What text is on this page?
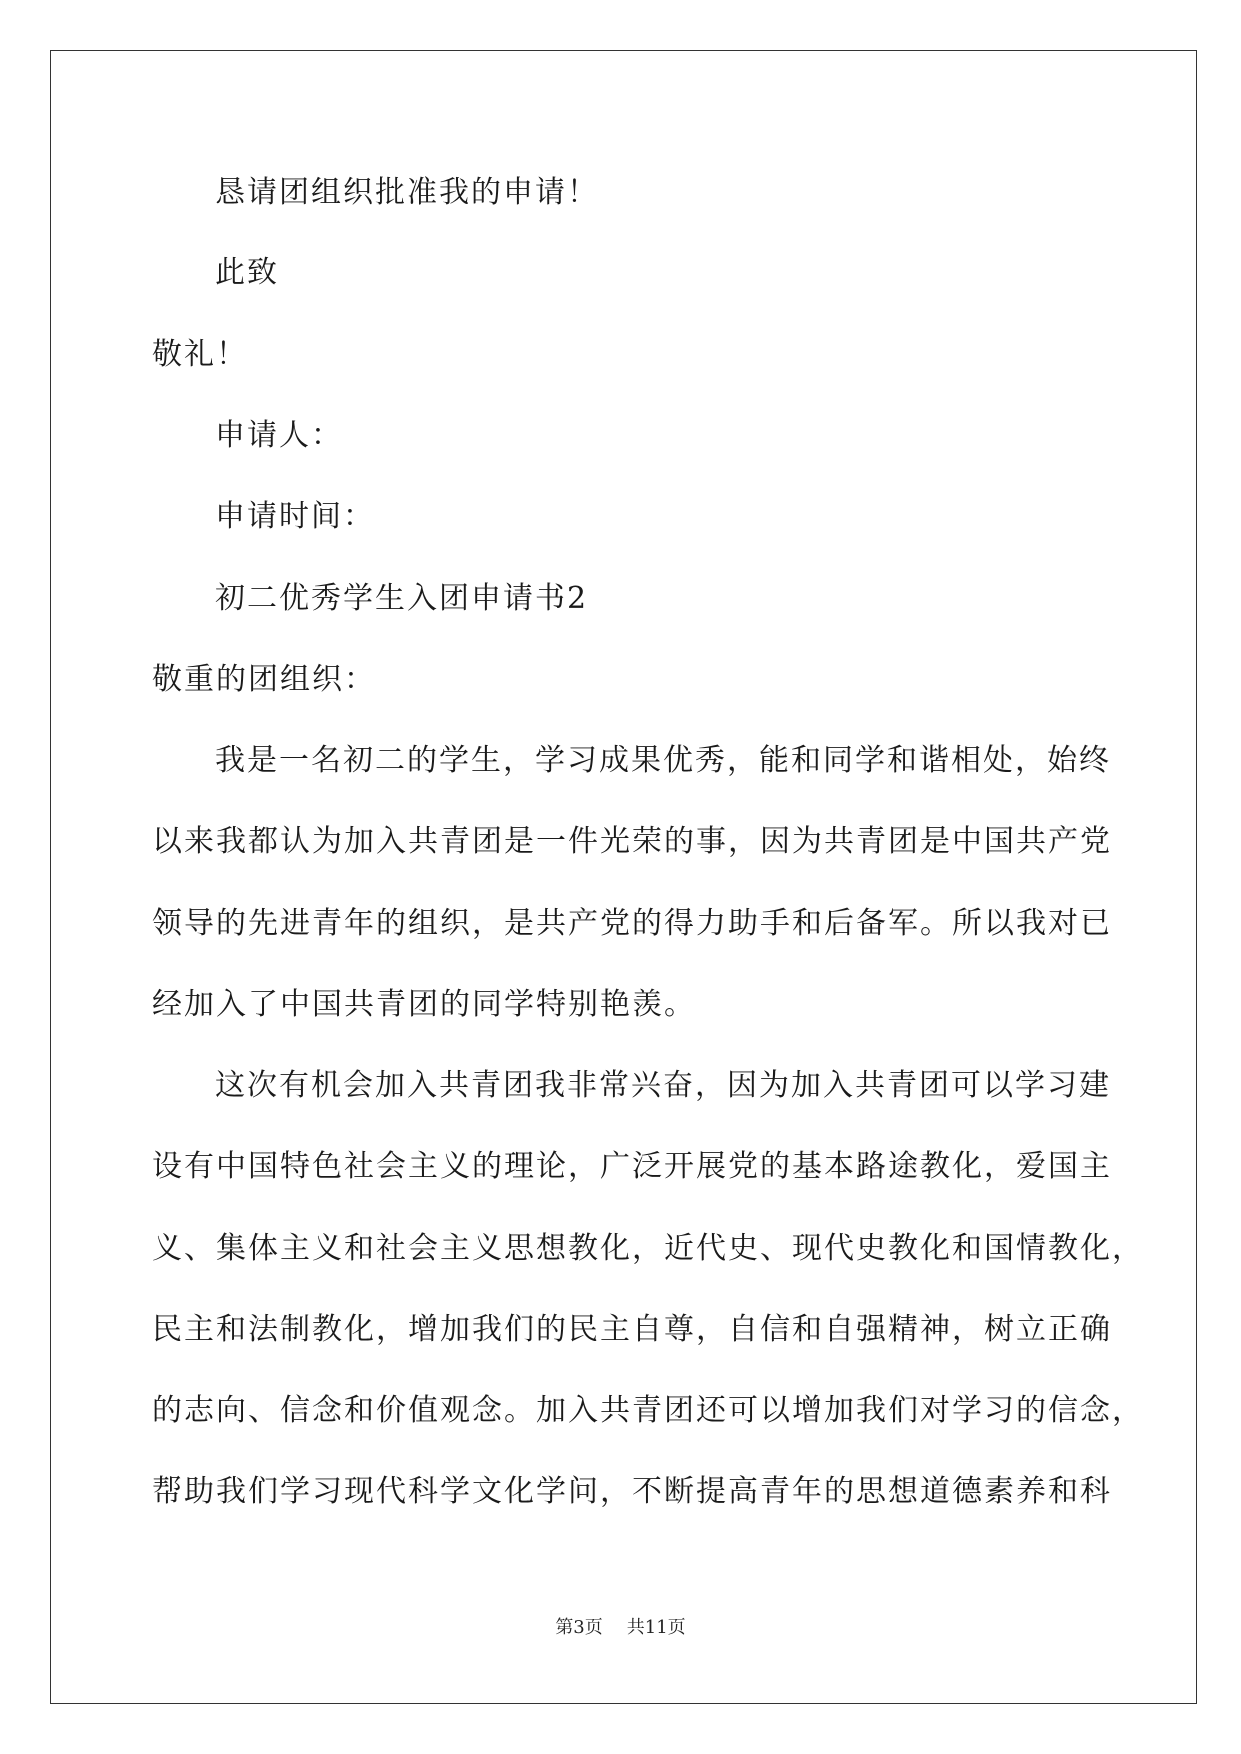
恳请团组织批准我的申请！
此致
敬礼！
申请人：
申请时间：
初二优秀学生入团申请书2
敬重的团组织：
我是一名初二的学生，学习成果优秀，能和同学和谐相处，始终
以来我都认为加入共青团是一件光荣的事，因为共青团是中国共产党
领导的先进青年的组织，是共产党的得力助手和后备军。所以我对已
经加入了中国共青团的同学特别艳羡。
这次有机会加入共青团我非常兴奋，因为加入共青团可以学习建
设有中国特色社会主义的理论，广泛开展党的基本路途教化，爱国主
义、集体主义和社会主义思想教化，近代史、现代史教化和国情教化，
民主和法制教化，增加我们的民主自尊，自信和自强精神，树立正确
的志向、信念和价值观念。加入共青团还可以增加我们对学习的信念，
帮助我们学习现代科学文化学问，不断提高青年的思想道德素养和科
第3页 共11页
